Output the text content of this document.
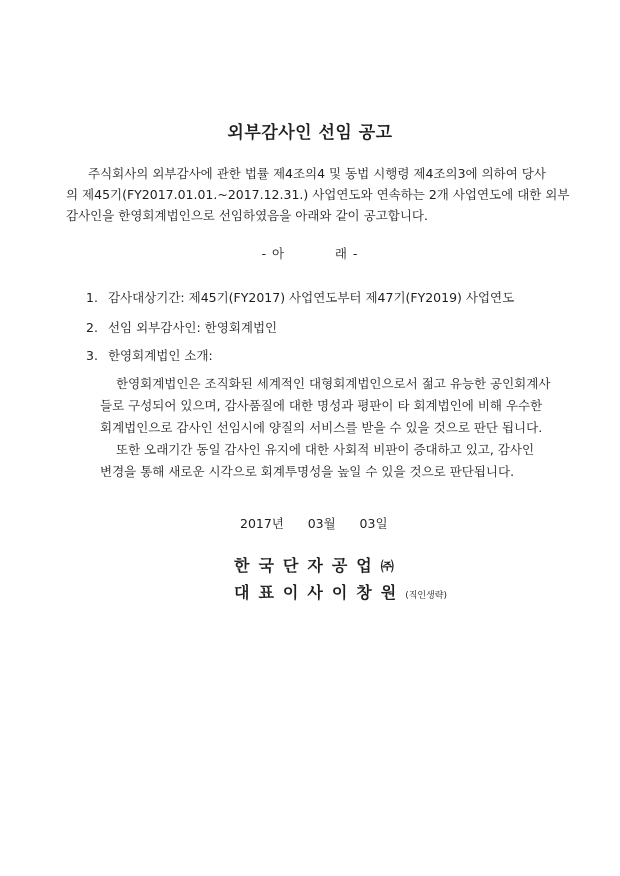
외부감사인 선임 공고

주식회사의 외부감사에 관한 법률 제4조의4 및 동법 시행령 제4조의3에 의하여 당사
의 제45기(FY2017.01.01.~2017.12.31.) 사업연도와 연속하는 2개 사업연도에 대한 외부
감사인을 한영회계법인으로 선임하였음을 아래와 같이 공고합니다.

- 아          래 -
1. 감사대상기간: 제45기(FY2017) 사업연도부터 제47기(FY2019) 사업연도
2. 선임 외부감사인: 한영회계법인
3. 한영회계법인 소개:

한영회계법인은 조직화된 세계적인 대형회계법인으로서 젊고 유능한 공인회계사
들로 구성되어 있으며, 감사품질에 대한 명성과 평판이 타 회계법인에 비해 우수한
회계법인으로 감사인 선임시에 양질의 서비스를 받을 수 있을 것으로 판단 됩니다.
또한 오래기간 동일 감사인 유지에 대한 사회적 비판이 증대하고 있고, 감사인
변경을 통해 새로운 시각으로 회계투명성을 높일 수 있을 것으로 판단됩니다.

2017년      03월      03일
한국단자공업㈜
대표이사이창원(직인생략)
